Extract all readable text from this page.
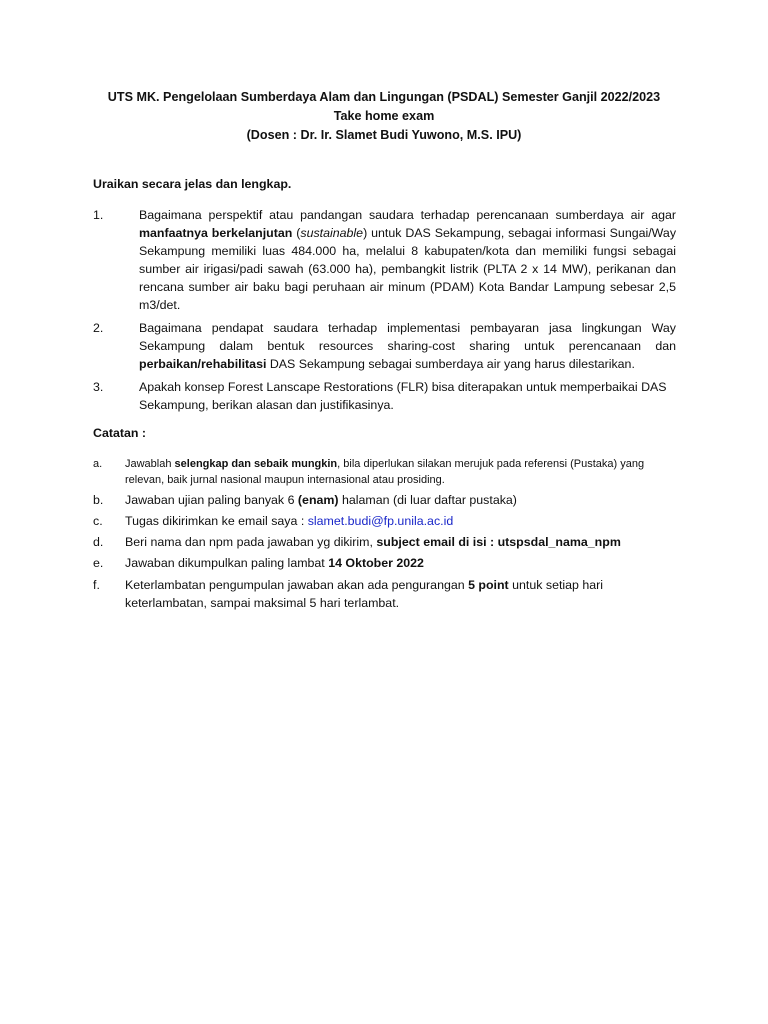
UTS MK. Pengelolaan Sumberdaya Alam dan Lingungan (PSDAL) Semester Ganjil 2022/2023
Take home exam
(Dosen : Dr. Ir. Slamet Budi Yuwono, M.S. IPU)
Uraikan secara jelas dan lengkap.
1.	Bagaimana perspektif atau pandangan saudara terhadap perencanaan sumberdaya air agar manfaatnya berkelanjutan (sustainable) untuk DAS Sekampung, sebagai informasi Sungai/Way Sekampung memiliki luas 484.000 ha, melalui 8 kabupaten/kota dan memiliki fungsi sebagai sumber air irigasi/padi sawah (63.000 ha), pembangkit listrik (PLTA 2 x 14 MW), perikanan dan rencana sumber air baku bagi peruhaan air minum (PDAM) Kota Bandar Lampung sebesar 2,5 m3/det.
2.	Bagaimana pendapat saudara terhadap implementasi pembayaran jasa lingkungan Way Sekampung dalam bentuk resources sharing-cost sharing untuk perencanaan dan perbaikan/rehabilitasi DAS Sekampung sebagai sumberdaya air yang harus dilestarikan.
3.	Apakah konsep Forest Lanscape Restorations (FLR) bisa diterapakan untuk memperbaikai DAS Sekampung, berikan alasan dan justifikasinya.
Catatan :
a.	Jawablah selengkap dan sebaik mungkin, bila diperlukan silakan merujuk pada referensi (Pustaka) yang relevan, baik jurnal nasional maupun internasional atau prosiding.
b.	Jawaban ujian paling banyak 6 (enam) halaman (di luar daftar pustaka)
c.	Tugas dikirimkan ke email saya : slamet.budi@fp.unila.ac.id
d.	Beri nama dan npm pada jawaban yg dikirim, subject email di isi : utspsdal_nama_npm
e.	Jawaban dikumpulkan paling lambat 14 Oktober 2022
f.	Keterlambatan pengumpulan jawaban akan ada pengurangan 5 point untuk setiap hari keterlambatan, sampai maksimal 5 hari terlambat.
